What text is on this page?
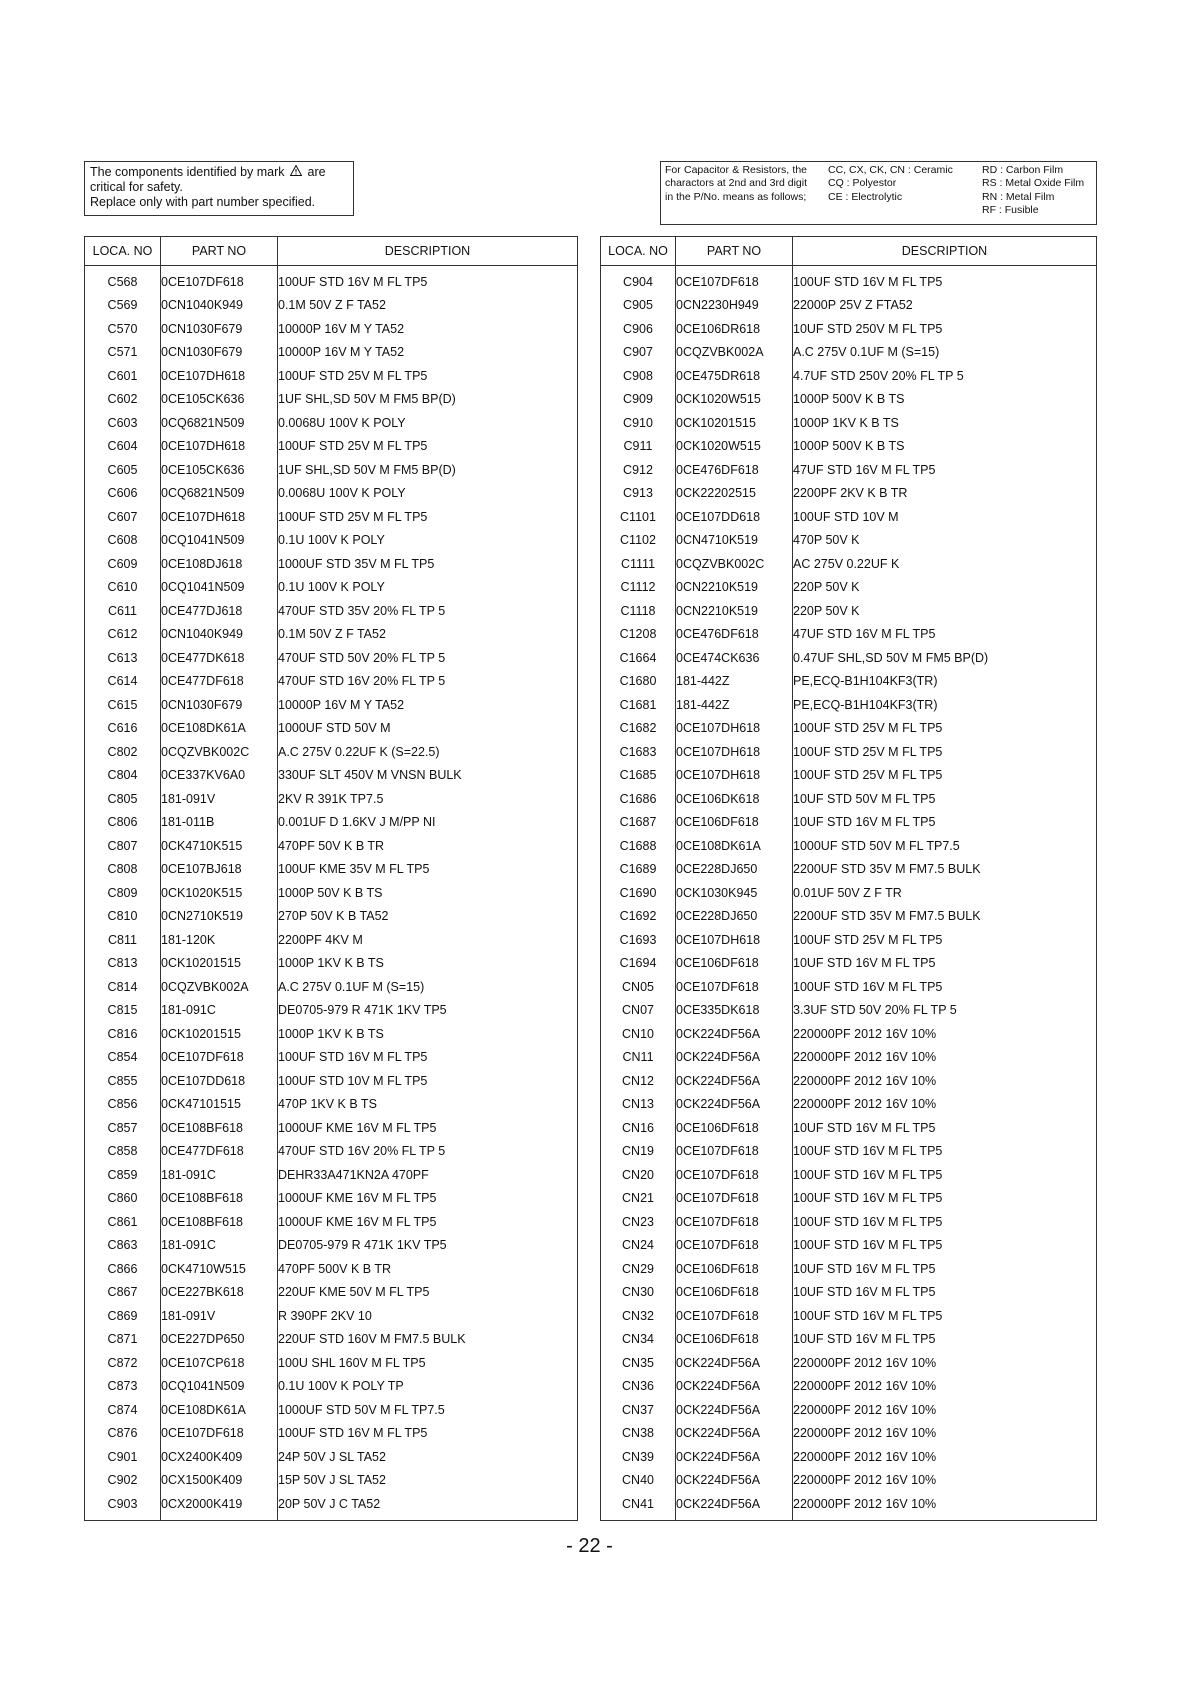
The components identified by mark are
critical for safety.
Replace only with part number specified.
For Capacitor & Resistors, the charactors at 2nd and 3rd digit in the P/No. means as follows;
CC, CX, CK, CN : Ceramic
CQ : Polyestor
CE : Electrolytic
RD : Carbon Film
RS : Metal Oxide Film
RN : Metal Film
RF : Fusible
LOCA. NO	PART NO	DESCRIPTION
C568	0CE107DF618	100UF STD 16V M FL TP5
C569	0CN1040K949	0.1M 50V Z F TA52
C570	0CN1030F679	10000P 16V M Y TA52
C571	0CN1030F679	10000P 16V M Y TA52
C601	0CE107DH618	100UF STD 25V M FL TP5
C602	0CE105CK636	1UF SHL,SD 50V M FM5 BP(D)
C603	0CQ6821N509	0.0068U 100V K POLY
C604	0CE107DH618	100UF STD 25V M FL TP5
C605	0CE105CK636	1UF SHL,SD 50V M FM5 BP(D)
C606	0CQ6821N509	0.0068U 100V K POLY
C607	0CE107DH618	100UF STD 25V M FL TP5
C608	0CQ1041N509	0.1U 100V K POLY
C609	0CE108DJ618	1000UF STD 35V M FL TP5
C610	0CQ1041N509	0.1U 100V K POLY
C611	0CE477DJ618	470UF STD 35V 20% FL TP 5
C612	0CN1040K949	0.1M 50V Z F TA52
C613	0CE477DK618	470UF STD 50V 20% FL TP 5
C614	0CE477DF618	470UF STD 16V 20% FL TP 5
C615	0CN1030F679	10000P 16V M Y TA52
C616	0CE108DK61A	1000UF STD 50V M
C802	0CQZVBK002C	A.C 275V 0.22UF K (S=22.5)
C804	0CE337KV6A0	330UF SLT 450V M VNSN BULK
C805	181-091V	2KV R 391K TP7.5
C806	181-011B	0.001UF D 1.6KV J M/PP NI
C807	0CK4710K515	470PF 50V K B TR
C808	0CE107BJ618	100UF KME 35V M FL TP5
C809	0CK1020K515	1000P 50V K B TS
C810	0CN2710K519	270P 50V K B TA52
C811	181-120K	2200PF 4KV M
C813	0CK10201515	1000P 1KV K B TS
C814	0CQZVBK002A	A.C 275V 0.1UF M (S=15)
C815	181-091C	DE0705-979 R 471K 1KV TP5
C816	0CK10201515	1000P 1KV K B TS
C854	0CE107DF618	100UF STD 16V M FL TP5
C855	0CE107DD618	100UF STD 10V M FL TP5
C856	0CK47101515	470P 1KV K B TS
C857	0CE108BF618	1000UF KME 16V M FL TP5
C858	0CE477DF618	470UF STD 16V 20% FL TP 5
C859	181-091C	DEHR33A471KN2A 470PF
C860	0CE108BF618	1000UF KME 16V M FL TP5
C861	0CE108BF618	1000UF KME 16V M FL TP5
C863	181-091C	DE0705-979 R 471K 1KV TP5
C866	0CK4710W515	470PF 500V K B TR
C867	0CE227BK618	220UF KME 50V M FL TP5
C869	181-091V	R 390PF 2KV 10
C871	0CE227DP650	220UF STD 160V M FM7.5 BULK
C872	0CE107CP618	100U SHL 160V M FL TP5
C873	0CQ1041N509	0.1U 100V K POLY TP
C874	0CE108DK61A	1000UF STD 50V M FL TP7.5
C876	0CE107DF618	100UF STD 16V M FL TP5
C901	0CX2400K409	24P 50V J SL TA52
C902	0CX1500K409	15P 50V J SL TA52
C903	0CX2000K419	20P 50V J C TA52
LOCA. NO	PART NO	DESCRIPTION
C904	0CE107DF618	100UF STD 16V M FL TP5
C905	0CN2230H949	22000P 25V Z FTA52
C906	0CE106DR618	10UF STD 250V M FL TP5
C907	0CQZVBK002A	A.C 275V 0.1UF M (S=15)
C908	0CE475DR618	4.7UF STD 250V 20% FL TP 5
C909	0CK1020W515	1000P 500V K B TS
C910	0CK10201515	1000P 1KV K B TS
C911	0CK1020W515	1000P 500V K B TS
C912	0CE476DF618	47UF STD 16V M FL TP5
C913	0CK22202515	2200PF 2KV K B TR
C1101	0CE107DD618	100UF STD 10V M
C1102	0CN4710K519	470P 50V K
C1111	0CQZVBK002C	AC 275V 0.22UF K
C1112	0CN2210K519	220P 50V K
C1118	0CN2210K519	220P 50V K
C1208	0CE476DF618	47UF STD 16V M FL TP5
C1664	0CE474CK636	0.47UF SHL,SD 50V M FM5 BP(D)
C1680	181-442Z	PE,ECQ-B1H104KF3(TR)
C1681	181-442Z	PE,ECQ-B1H104KF3(TR)
C1682	0CE107DH618	100UF STD 25V M FL TP5
C1683	0CE107DH618	100UF STD 25V M FL TP5
C1685	0CE107DH618	100UF STD 25V M FL TP5
C1686	0CE106DK618	10UF STD 50V M FL TP5
C1687	0CE106DF618	10UF STD 16V M FL TP5
C1688	0CE108DK61A	1000UF STD 50V M FL TP7.5
C1689	0CE228DJ650	2200UF STD 35V M FM7.5 BULK
C1690	0CK1030K945	0.01UF 50V Z F TR
C1692	0CE228DJ650	2200UF STD 35V M FM7.5 BULK
C1693	0CE107DH618	100UF STD 25V M FL TP5
C1694	0CE106DF618	10UF STD 16V M FL TP5
CN05	0CE107DF618	100UF STD 16V M FL TP5
CN07	0CE335DK618	3.3UF STD 50V 20% FL TP 5
CN10	0CK224DF56A	220000PF 2012 16V 10%
CN11	0CK224DF56A	220000PF 2012 16V 10%
CN12	0CK224DF56A	220000PF 2012 16V 10%
CN13	0CK224DF56A	220000PF 2012 16V 10%
CN16	0CE106DF618	10UF STD 16V M FL TP5
CN19	0CE107DF618	100UF STD 16V M FL TP5
CN20	0CE107DF618	100UF STD 16V M FL TP5
CN21	0CE107DF618	100UF STD 16V M FL TP5
CN23	0CE107DF618	100UF STD 16V M FL TP5
CN24	0CE107DF618	100UF STD 16V M FL TP5
CN29	0CE106DF618	10UF STD 16V M FL TP5
CN30	0CE106DF618	10UF STD 16V M FL TP5
CN32	0CE107DF618	100UF STD 16V M FL TP5
CN34	0CE106DF618	10UF STD 16V M FL TP5
CN35	0CK224DF56A	220000PF 2012 16V 10%
CN36	0CK224DF56A	220000PF 2012 16V 10%
CN37	0CK224DF56A	220000PF 2012 16V 10%
CN38	0CK224DF56A	220000PF 2012 16V 10%
CN39	0CK224DF56A	220000PF 2012 16V 10%
CN40	0CK224DF56A	220000PF 2012 16V 10%
CN41	0CK224DF56A	220000PF 2012 16V 10%
- 22 -
